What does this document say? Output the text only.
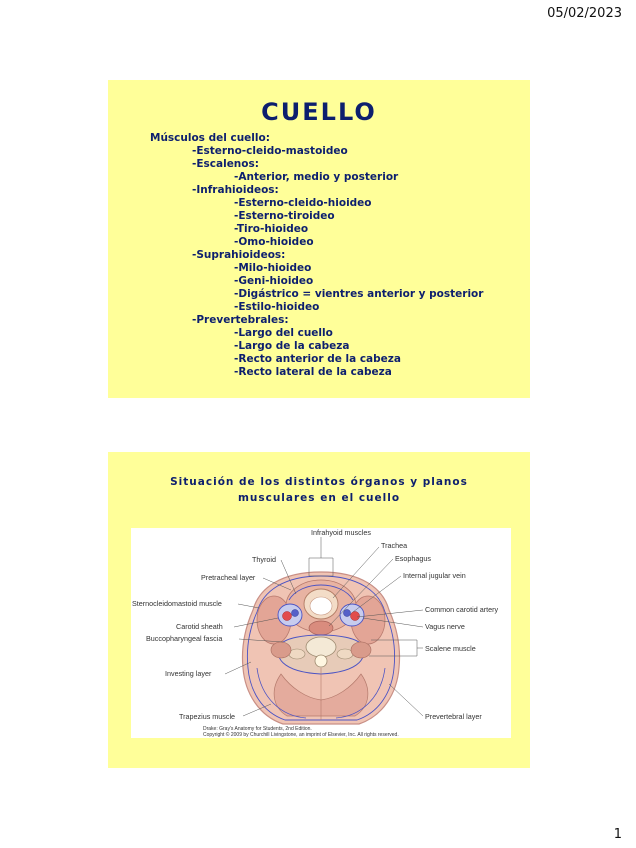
05/02/2023
CUELLO
Músculos del cuello:
-Esterno-cleido-mastoideo
-Escalenos:
-Anterior, medio y posterior
-Infrahioideos:
-Esterno-cleido-hioideo
-Esterno-tiroideo
-Tiro-hioideo
-Omo-hioideo
-Suprahioideos:
-Milo-hioideo
-Geni-hioideo
-Digástrico = vientres anterior y posterior
-Estilo-hioideo
-Prevertebrales:
-Largo del cuello
-Largo de la cabeza
-Recto anterior de la cabeza
-Recto lateral de la cabeza
Situación de los distintos órganos y planos
musculares en el cuello
Infrahyoid muscles
Trachea
Thyroid	Esophagus
Pretracheal layer	Internal jugular vein
Sternocleidomastoid muscle
Common carotid artery
Carotid sheath	Vagus nerve
Buccopharyngeal fascia
Scalene muscle
Investing layer
Trapezius muscle	Prevertebral layer
Drake: Gray's Anatomy for Students, 2nd Edition.
Copyright © 2009 by Churchill Livingstone, an imprint of Elsevier, Inc. All rights reserved.
1
